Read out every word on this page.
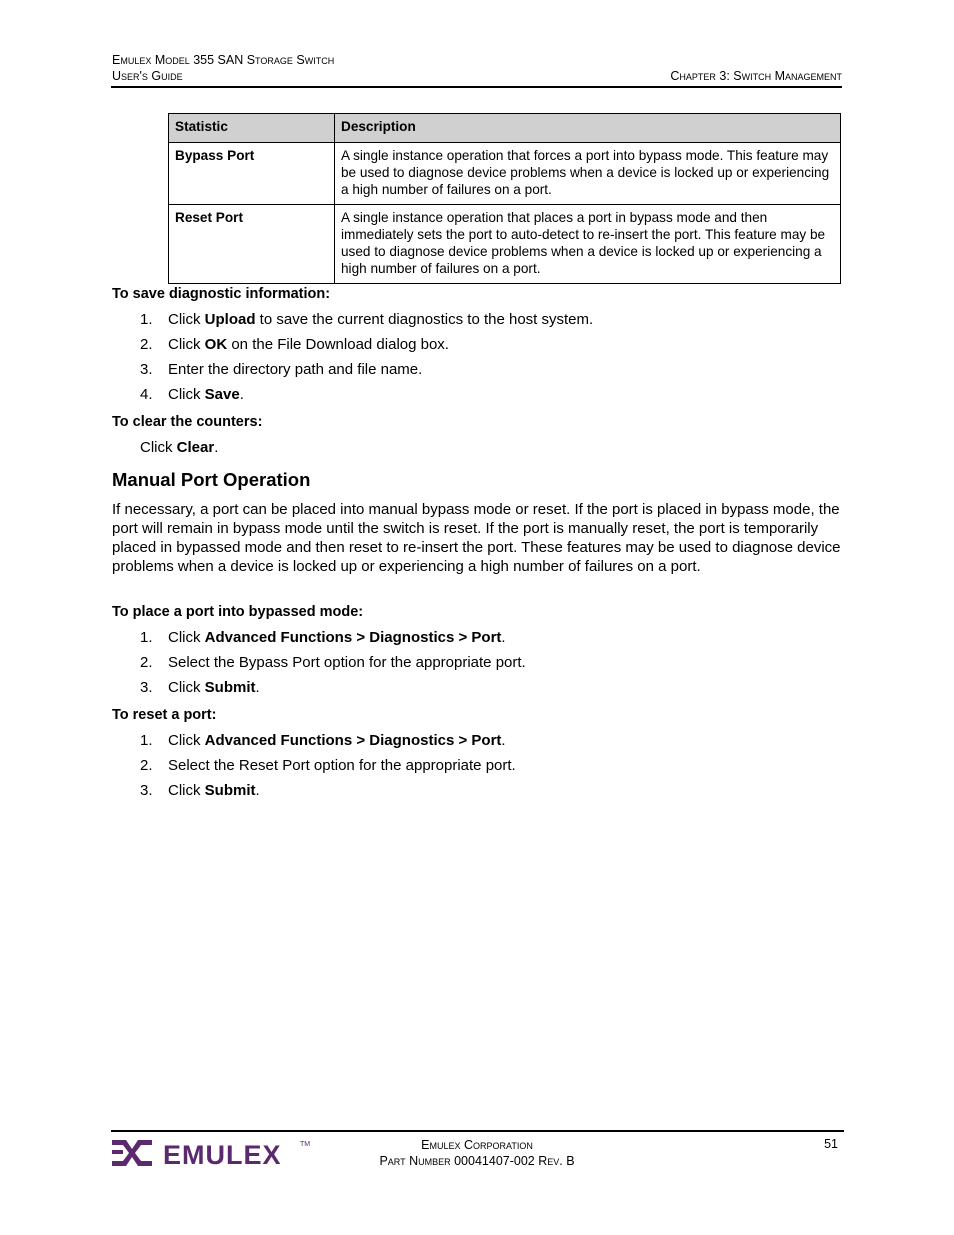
Emulex Model 355 SAN Storage Switch
User's Guide	Chapter 3: Switch Management
Statistic	Description
Bypass Port	A single instance operation that forces a port into bypass mode. This feature may be used to diagnose device problems when a device is locked up or experiencing a high number of failures on a port.
Reset Port	A single instance operation that places a port in bypass mode and then immediately sets the port to auto-detect to re-insert the port. This feature may be used to diagnose device problems when a device is locked up or experiencing a high number of failures on a port.
To save diagnostic information:
1. Click Upload to save the current diagnostics to the host system.
2. Click OK on the File Download dialog box.
3. Enter the directory path and file name.
4. Click Save.
To clear the counters:
Click Clear.
Manual Port Operation
If necessary, a port can be placed into manual bypass mode or reset. If the port is placed in bypass mode, the port will remain in bypass mode until the switch is reset. If the port is manually reset, the port is temporarily placed in bypassed mode and then reset to re-insert the port. These features may be used to diagnose device problems when a device is locked up or experiencing a high number of failures on a port.
To place a port into bypassed mode:
1. Click Advanced Functions > Diagnostics > Port.
2. Select the Bypass Port option for the appropriate port.
3. Click Submit.
To reset a port:
1. Click Advanced Functions > Diagnostics > Port.
2. Select the Reset Port option for the appropriate port.
3. Click Submit.
EMULEX	TM	Emulex Corporation
Part Number 00041407-002 Rev. B
51
